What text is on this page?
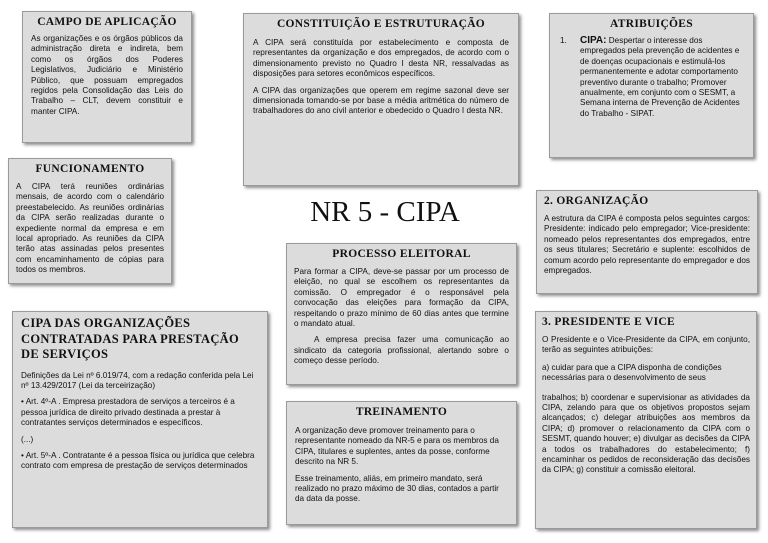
CAMPO DE APLICAÇÃO

As organizações e os órgãos públicos da administração direta e indireta, bem como os órgãos dos Poderes Legislativos, Judiciário e Ministério Público, que possuam empregados regidos pela Consolidação das Leis do Trabalho – CLT, devem constituir e manter CIPA.

CONSTITUIÇÃO E ESTRUTURAÇÃO

A CIPA será constituída por estabelecimento e composta de representantes da organização e dos empregados, de acordo com o dimensionamento previsto no Quadro I desta NR, ressalvadas as disposições para setores econômicos específicos.

A CIPA das organizações que operem em regime sazonal deve ser dimensionada tomando-se por base a média aritmética do número de trabalhadores do ano civil anterior e obedecido o Quadro I desta NR.

ATRIBUIÇÕES
1.	CIPA: Despertar o interesse dos empregados pela prevenção de acidentes e de doenças ocupacionais e estimulá-los permanentemente e adotar comportamento preventivo durante o trabalho; Promover anualmente, em conjunto com o SESMT, a Semana interna de Prevenção de Acidentes do Trabalho - SIPAT.

FUNCIONAMENTO

A CIPA terá reuniões ordinárias mensais, de acordo com o calendário preestabelecido. As reuniões ordinárias da CIPA serão realizadas durante o expediente normal da empresa e em local apropriado. As reuniões da CIPA terão atas assinadas pelos presentes com encaminhamento de cópias para todos os membros.

NR 5 - CIPA	2. ORGANIZAÇÃO

A estrutura da CIPA é composta pelos seguintes cargos: Presidente: indicado pelo empregador; Vice-presidente: nomeado pelos representantes dos empregados, entre os seus titulares; Secretário e suplente: escolhidos de comum acordo pelo representante do empregador e dos empregados.

PROCESSO ELEITORAL

Para formar a CIPA, deve-se passar por um processo de eleição, no qual se escolhem os representantes da comissão. O empregador é o responsável pela convocação das eleições para formação da CIPA, respeitando o prazo mínimo de 60 dias antes que termine o mandato atual.

A empresa precisa fazer uma comunicação ao sindicato da categoria profissional, alertando sobre o começo desse período.

CIPA DAS ORGANIZAÇÕES CONTRATADAS PARA PRESTAÇÃO DE SERVIÇOS

Definições da Lei nº 6.019/74, com a redação conferida pela Lei nº 13.429/2017 (Lei da terceirização)

• Art. 4º-A . Empresa prestadora de serviços a terceiros é a pessoa jurídica de direito privado destinada a prestar à contratantes serviços determinados e específicos.

(...)

• Art. 5º-A . Contratante é a pessoa física ou jurídica que celebra contrato com empresa de prestação de serviços determinados

3. PRESIDENTE E VICE

O Presidente e o Vice-Presidente da CIPA, em conjunto, terão as seguintes atribuições:

a) cuidar para que a CIPA disponha de condições necessárias para o desenvolvimento de seus

trabalhos; b) coordenar e supervisionar as atividades da CIPA, zelando para que os objetivos propostos sejam alcançados; c) delegar atribuições aos membros da CIPA; d) promover o relacionamento da CIPA com o SESMT, quando houver; e) divulgar as decisões da CIPA a todos os trabalhadores do estabelecimento; f) encaminhar os pedidos de reconsideração das decisões da CIPA; g) constituir a comissão eleitoral.

TREINAMENTO

A organização deve promover treinamento para o representante nomeado da NR-5 e para os membros da CIPA, titulares e suplentes, antes da posse, conforme descrito na NR 5.

Esse treinamento, aliás, em primeiro mandato, será realizado no prazo máximo de 30 dias, contados a partir da data da posse.
